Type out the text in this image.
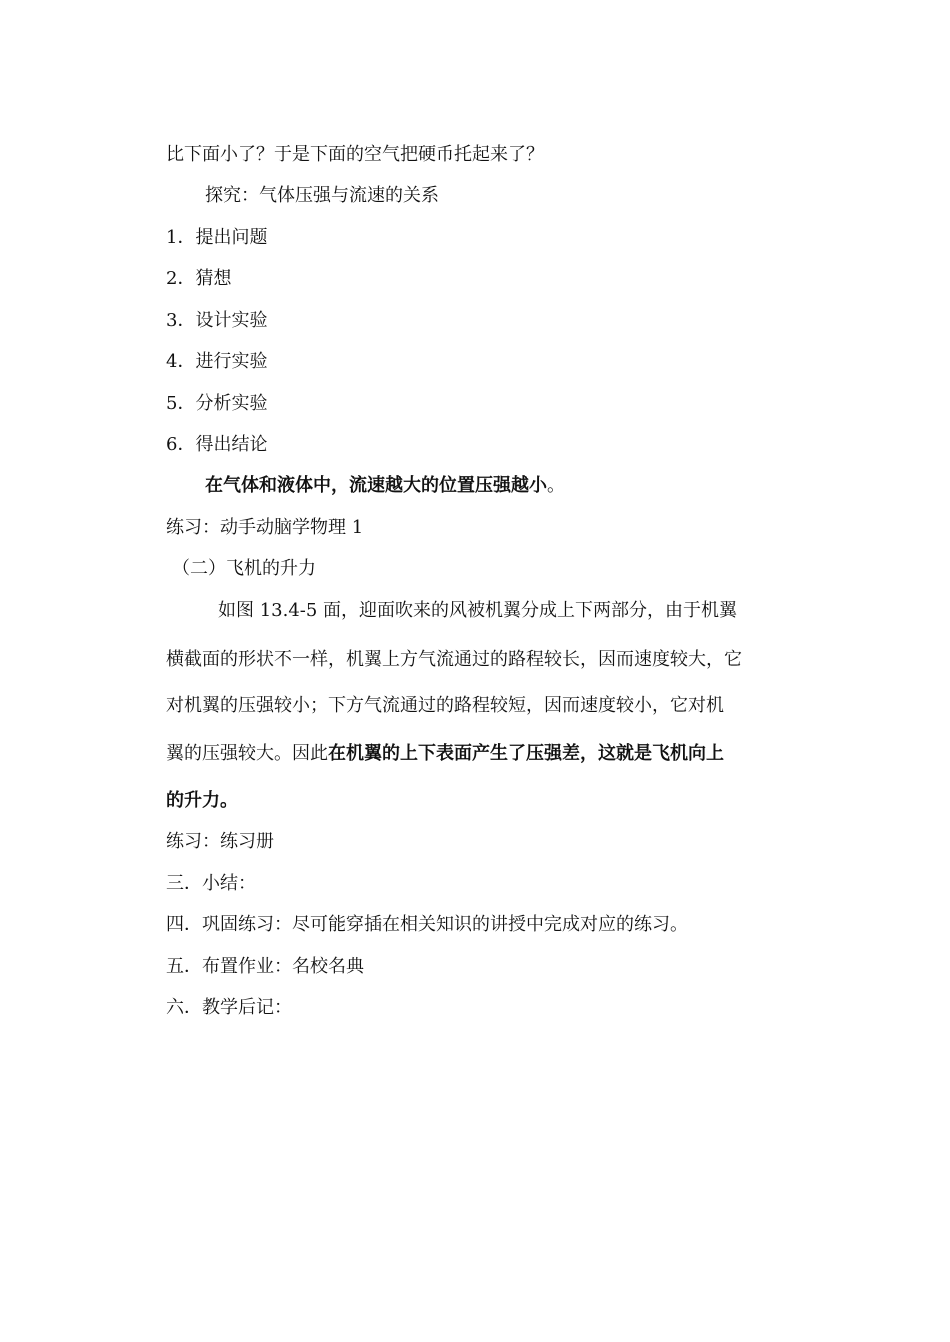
比下面小了？于是下面的空气把硬币托起来了？
探究：气体压强与流速的关系
1．提出问题
2．猜想
3．设计实验
4．进行实验
5．分析实验
6．得出结论
在气体和液体中，流速越大的位置压强越小。
练习：动手动脑学物理 1
（二）飞机的升力
如图 13.4-5 面，迎面吹来的风被机翼分成上下两部分，由于机翼
横截面的形状不一样，机翼上方气流通过的路程较长，因而速度较大，它
对机翼的压强较小；下方气流通过的路程较短，因而速度较小，它对机
翼的压强较大。因此在机翼的上下表面产生了压强差，这就是飞机向上
的升力。
练习：练习册
三．小结：
四．巩固练习：尽可能穿插在相关知识的讲授中完成对应的练习。
五．布置作业：名校名典
六．教学后记：
